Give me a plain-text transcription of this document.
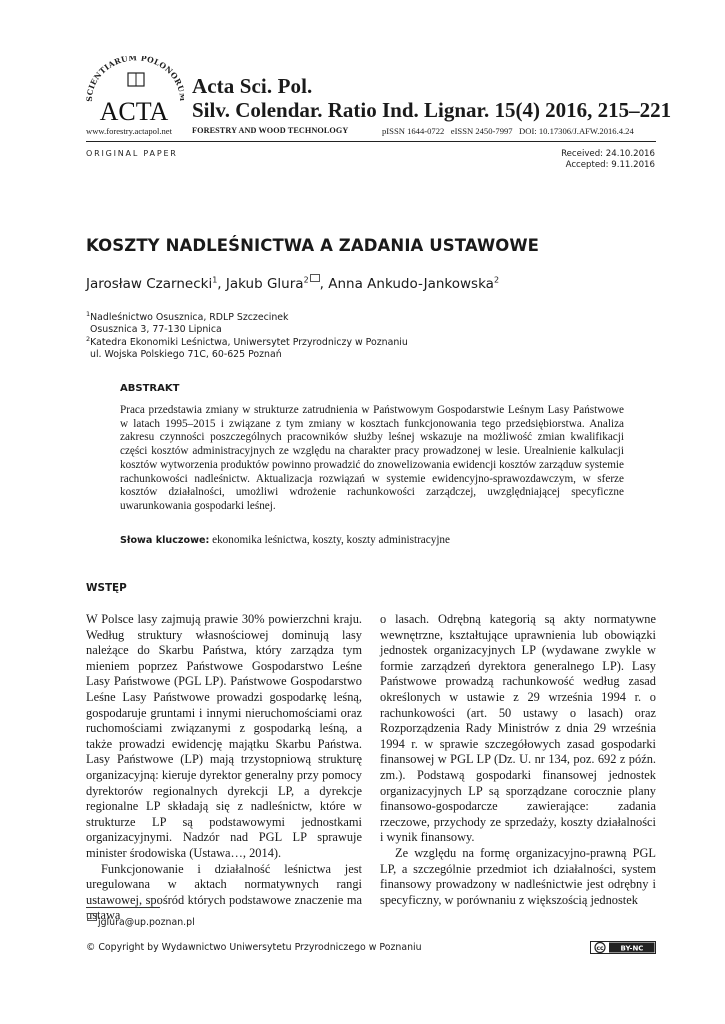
SCIENTIARUM POLONOR
ACTA
Acta Sci. Pol.
Silv. Colendar. Ratio Ind. Lignar. 15(4) 2016, 215–221
www.forestry.actapol.net FORESTRY AND WOOD TECHNOLOGY	pISSN 1644-0722   eISSN 2450-7997   DOI: 10.17306/J.AFW.2016.4.24
ORIGINAL PAPER	Received: 24.10.2016
Accepted: 9.11.2016
KOSZTY NADLEŚNICTWA A ZADANIA USTAWOWE
Jarosław Czarnecki$^1$, Jakub Glura$^2$ , Anna Ankudo-Jankowska$^2$
$^1$Nadleśnictwo Osusznica, RDLP Szczecinek
Osusznica 3, 77-130 Lipnica
$^2$Katedra Ekonomiki Leśnictwa, Uniwersytet Przyrodniczy w Poznaniu
ul. Wojska Polskiego 71C, 60-625 Poznań
ABSTRAKT
Praca przedstawia zmiany w strukturze zatrudnienia w Państwowym Gospodarstwie Leśnym Lasy Państwowe w latach 1995–2015 i związane z tym zmiany w kosztach funkcjonowania tego przedsiębiorstwa. Analiza zakresu czynności poszczególnych pracowników służby leśnej wskazuje na możliwość zmian kwalifikacji części kosztów administracyjnych ze względu na charakter pracy prowadzonej w lesie. Urealnienie kalkulacji kosztów wytworzenia produktów powinno prowadzić do znowelizowania ewidencji kosztów zarząduw systemie rachunkowości nadleśnictw. Aktualizacja rozwiązań w systemie ewidencyjno-sprawozdawczym, w sferze kosztów działalności, umożliwi wdrożenie rachunkowości zarządczej, uwzględniającej specyficzne uwarunkowania gospodarki leśnej.
Słowa kluczowe: ekonomika leśnictwa, koszty, koszty administracyjne
WSTĘP

W Polsce lasy zajmują prawie 30% powierzchni kraju. Według struktury własnościowej dominują lasy należące do Skarbu Państwa, który zarządza tym mieniem poprzez Państwowe Gospodarstwo Leśne Lasy Państwowe (PGL LP). Państwowe Gospodarstwo Leśne Lasy Państwowe prowadzi gospodarkę leśną, gospodaruje gruntami i innymi nieruchomościami oraz ruchomościami związanymi z gospodarką leśną, a także prowadzi ewidencję majątku Skarbu Państwa. Lasy Państwowe (LP) mają trzystopniową strukturę organizacyjną: kieruje dyrektor generalny przy pomocy dyrektorów regionalnych dyrekcji LP, a dyrekcje regionalne LP składają się z nadleśnictw, które w strukturze LP są podstawowymi jednostkami organizacyjnymi. Nadzór nad PGL LP sprawuje minister środowiska (Ustawa…, 2014).

Funkcjonowanie i działalność leśnictwa jest uregulowana w aktach normatywnych rangi ustawowej, spośród których podstawowe znaczenie ma ustawa

o lasach. Odrębną kategorią są akty normatywne wewnętrzne, kształtujące uprawnienia lub obowiązki jednostek organizacyjnych LP (wydawane zwykle w formie zarządzeń dyrektora generalnego LP). Lasy Państwowe prowadzą rachunkowość według zasad określonych w ustawie z 29 września 1994 r. o rachunkowości (art. 50 ustawy o lasach) oraz Rozporządzenia Rady Ministrów z dnia 29 września 1994 r. w sprawie szczegółowych zasad gospodarki finansowej w PGL LP (Dz. U. nr 134, poz. 692 z późn. zm.). Podstawą gospodarki finansowej jednostek organizacyjnych LP są sporządzane corocznie plany finansowo-gospodarcze zawierające: zadania rzeczowe, przychody ze sprzedaży, koszty działalności i wynik finansowy.

Ze względu na formę organizacyjno-prawną PGL LP, a szczególnie przedmiot ich działalności, system finansowy prowadzony w nadleśnictwie jest odrębny i specyficzny, w porównaniu z większością jednostek

jglura@up.poznan.pl
© Copyright by Wydawnictwo Uniwersytetu Przyrodniczego w Poznaniu	cc BY-NC
